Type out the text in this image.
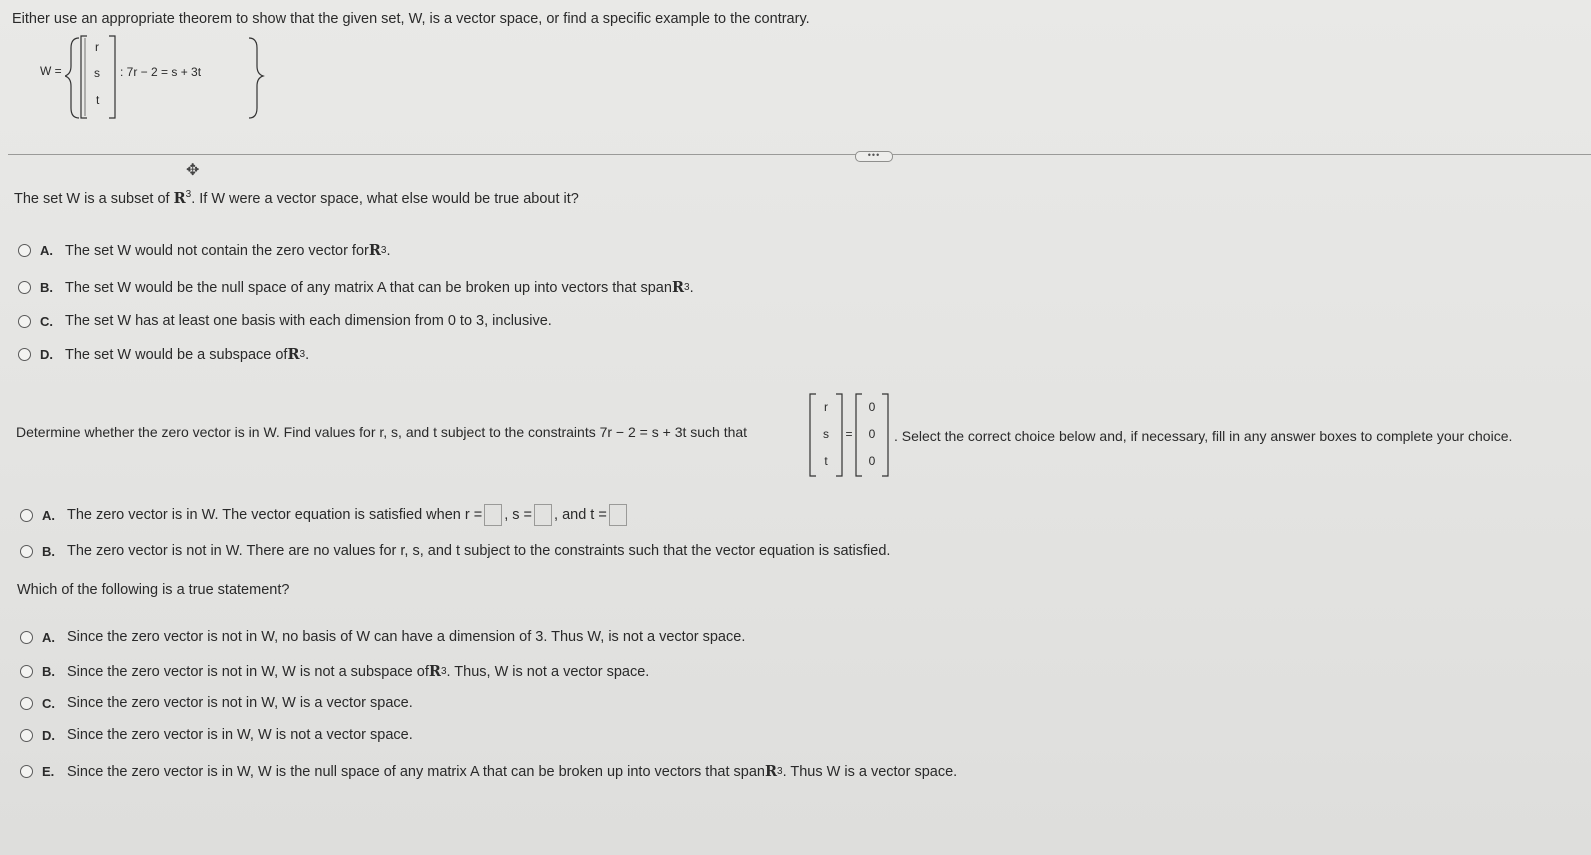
Either use an appropriate theorem to show that the given set, W, is a vector space, or find a specific example to the contrary.
W =
r
s
t
: 7r − 2 = s + 3t
•••
✥
The set W is a subset of $R^3$. If W were a vector space, what else would be true about it?
A. The set W would not contain the zero vector for R 3 .
B. The set W would be the null space of any matrix A that can be broken up into vectors that span R 3 .
C. The set W has at least one basis with each dimension from 0 to 3, inclusive.
D. The set W would be a subspace of R 3 .
Determine whether the zero vector is in W. Find values for r, s, and t subject to the constraints 7r − 2 = s + 3t such that
r
s
t
=
0
0
0
. Select the correct choice below and, if necessary, fill in any answer boxes to complete your choice.
A. The zero vector is in W. The vector equation is satisfied when r = , s = , and t =
B. The zero vector is not in W. There are no values for r, s, and t subject to the constraints such that the vector equation is satisfied.
Which of the following is a true statement?
A. Since the zero vector is not in W, no basis of W can have a dimension of 3. Thus W, is not a vector space.
B. Since the zero vector is not in W, W is not a subspace of R 3 . Thus, W is not a vector space.
C. Since the zero vector is not in W, W is a vector space.
D. Since the zero vector is in W, W is not a vector space.
E. Since the zero vector is in W, W is the null space of any matrix A that can be broken up into vectors that span R 3 . Thus W is a vector space.
